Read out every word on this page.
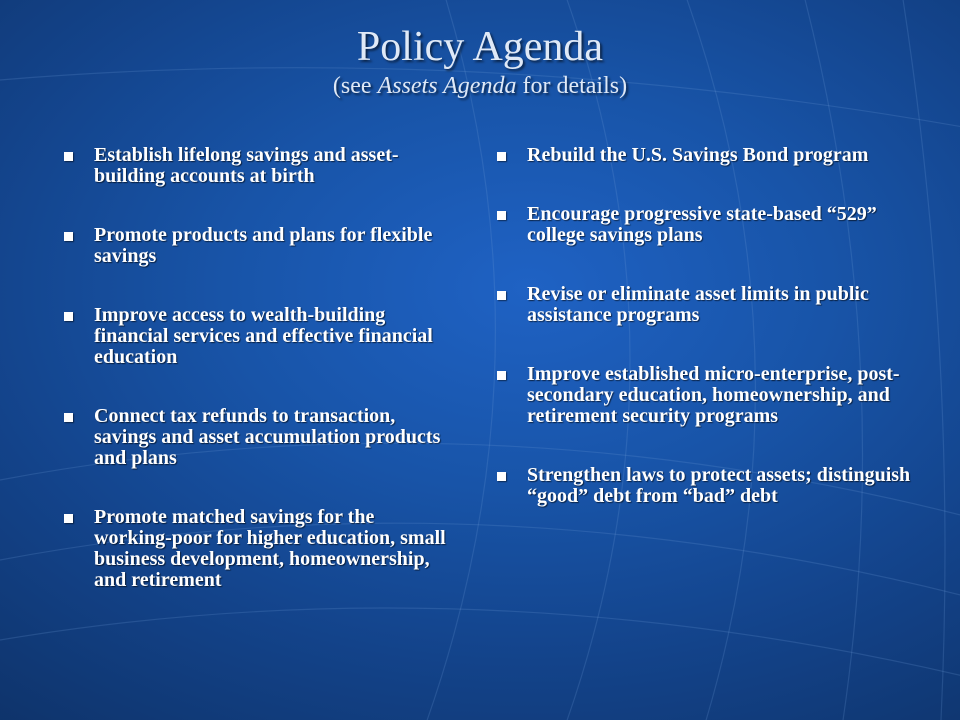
Policy Agenda
(see Assets Agenda for details)
Establish lifelong savings and asset-building accounts at birth
Promote products and plans for flexible savings
Improve access to wealth-building financial services and effective financial education
Connect tax refunds to transaction, savings and asset accumulation products and plans
Promote matched savings for the working-poor for higher education, small business development, homeownership, and retirement
Rebuild the U.S. Savings Bond program
Encourage progressive state-based “529” college savings plans
Revise or eliminate asset limits in public assistance programs
Improve established micro-enterprise, post-secondary education, homeownership, and retirement security programs
Strengthen laws to protect assets; distinguish “good” debt from “bad” debt
